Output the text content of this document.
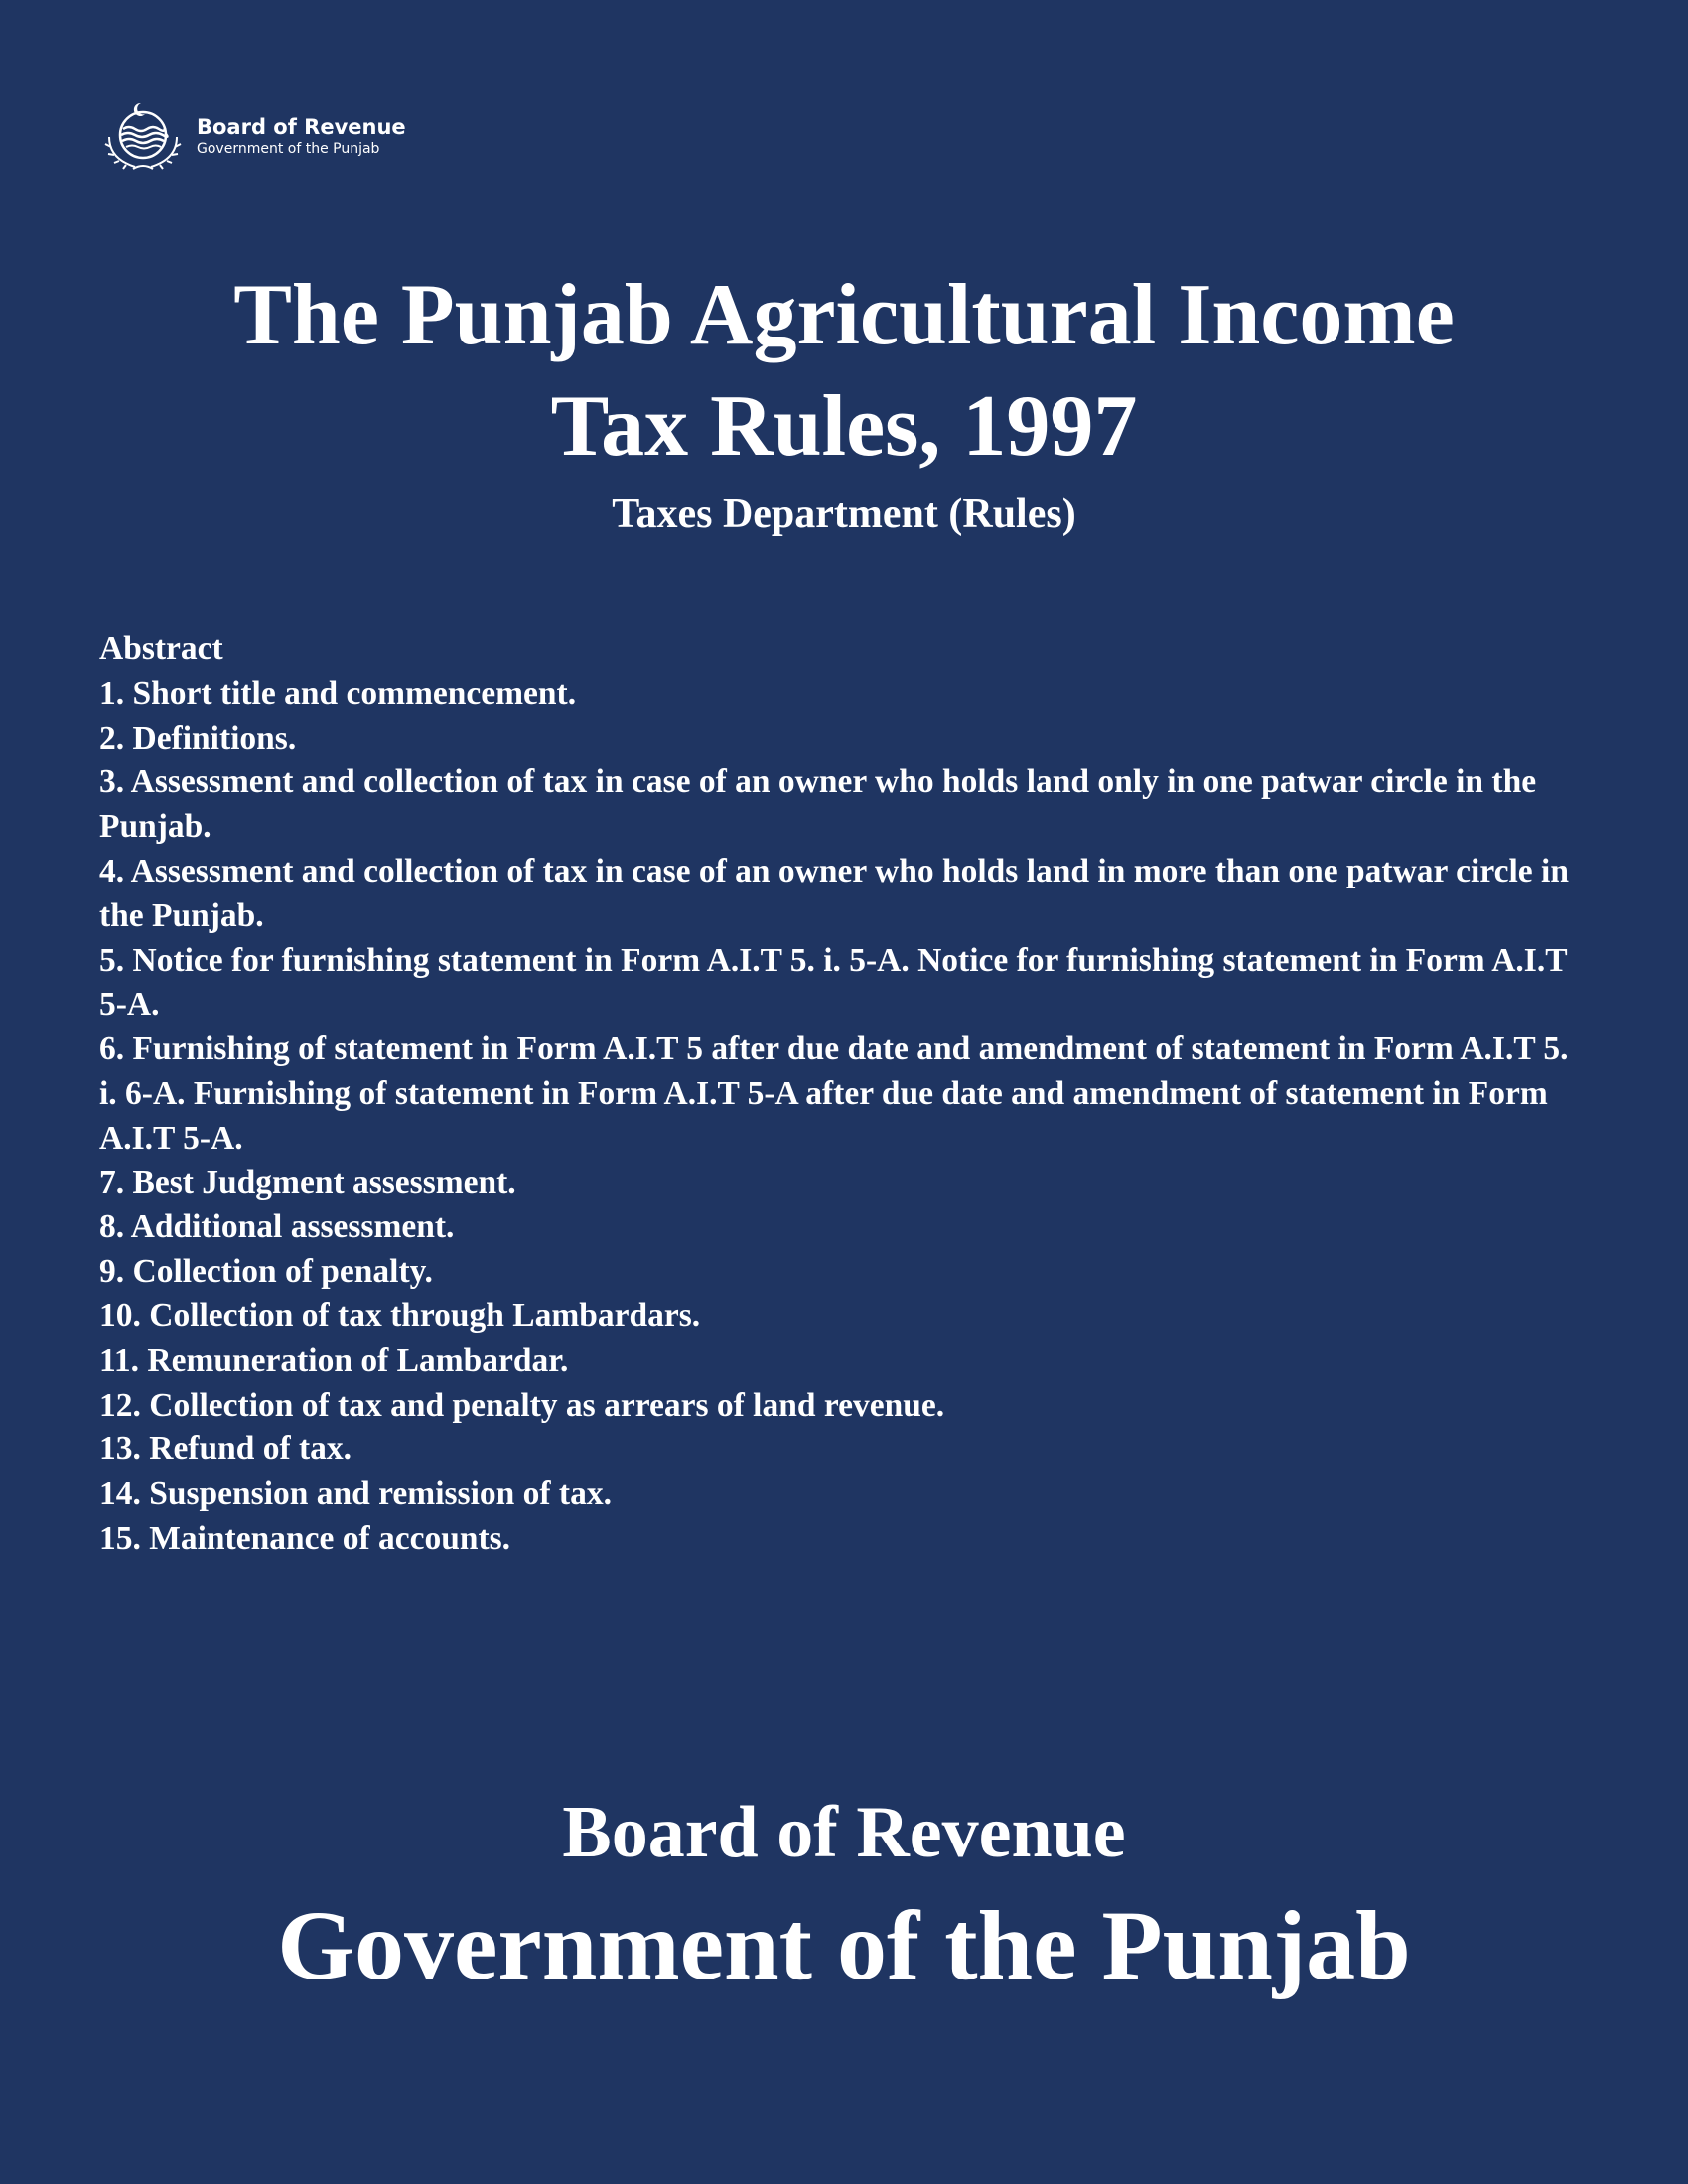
Board of Revenue
Government of the Punjab
The Punjab Agricultural Income
Tax Rules, 1997
Taxes Department (Rules)
Abstract
1. Short title and commencement.
2. Definitions.
3. Assessment and collection of tax in case of an owner who holds land only in one patwar circle in the Punjab.
4. Assessment and collection of tax in case of an owner who holds land in more than one patwar circle in the Punjab.
5. Notice for furnishing statement in Form A.I.T 5. i. 5-A. Notice for furnishing statement in Form A.I.T 5-A.
6. Furnishing of statement in Form A.I.T 5 after due date and amendment of statement in Form A.I.T 5. i. 6-A. Furnishing of statement in Form A.I.T 5-A after due date and amendment of statement in Form A.I.T 5-A.
7. Best Judgment assessment.
8. Additional assessment.
9. Collection of penalty.
10. Collection of tax through Lambardars.
11. Remuneration of Lambardar.
12. Collection of tax and penalty as arrears of land revenue.
13. Refund of tax.
14. Suspension and remission of tax.
15. Maintenance of accounts.
Board of Revenue
Government of the Punjab
